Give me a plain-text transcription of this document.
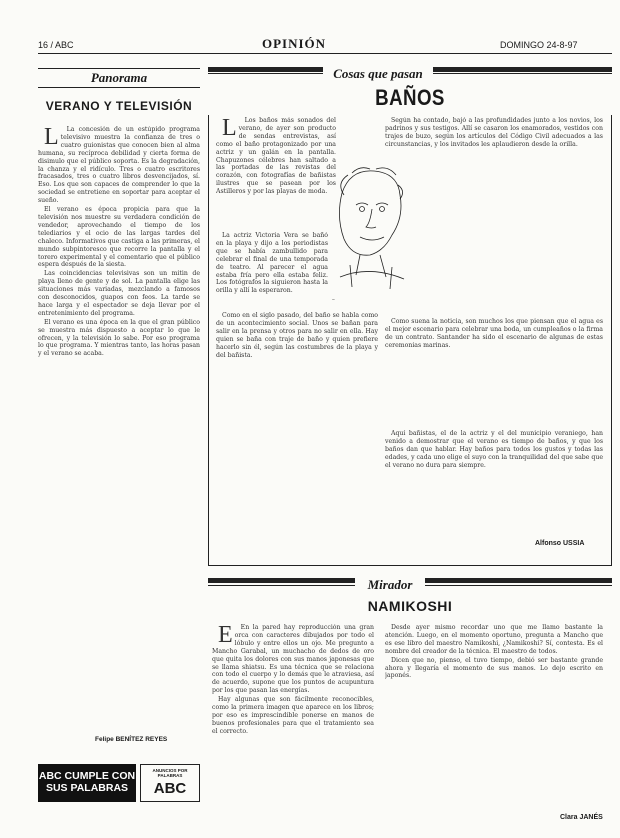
16 / ABC	OPINIÓN	DOMINGO 24-8-97
Panorama
VERANO Y TELEVISIÓN

L La concesión de un estúpido programa televisivo muestra la confianza de tres o cuatro guionistas que conocen bien al alma humana, su recíproca debilidad y cierta forma de disimulo que el público soporta. Es la degradación, la chanza y el ridículo. Tres o cuatro escritores fracasados, tres o cuatro libros desvencijados, sí. Eso. Los que son capaces de comprender lo que la sociedad se entretiene en soportar para aceptar el sueño.

El verano es época propicia para que la televisión nos muestre su verdadera condición de vendedor, aprovechando el tiempo de los telediarios y el ocio de las largas tardes del chaleco. Informativos que castiga a las primeras, el mundo subpintoresco que recorre la pantalla y el torero experimental y el comentario que el público espera después de la siesta.

Las coincidencias televisivas son un mitin de playa lleno de gente y de sol. La pantalla elige las situaciones más variadas, mezclando a famosos con desconocidos, guapos con feos. La tarde se hace larga y el espectador se deja llevar por el entretenimiento del programa.

El verano es una época en la que el gran público se muestra más dispuesto a aceptar lo que le ofrecen, y la televisión lo sabe. Por eso programa lo que programa. Y mientras tanto, las horas pasan y el verano se acaba.

Felipe BENÍTEZ REYES
ABC CUMPLE CON
SUS PALABRAS
ANUNCIOS POR PALABRAS
ABC
Cosas que pasan
BAÑOS

L Los baños más sonados del verano, de ayer son producto de sendas entrevistas, así como el baño protagonizado por una actriz y un galán en la pantalla. Chapuzones célebres han saltado a las portadas de las revistas del corazón, con fotografías de bañistas ilustres que se pasean por los Astilleros y por las playas de moda.

~

La actriz Victoria Vera se bañó en la playa y dijo a los periodistas que se había zambullido para celebrar el final de una temporada de teatro. Al parecer el agua estaba fría pero ella estaba feliz. Los fotógrafos la siguieron hasta la orilla y allí la esperaron.

Como en el siglo pasado, del baño se habla como de un acontecimiento social. Unos se bañan para salir en la prensa y otros para no salir en ella. Hay quien se baña con traje de baño y quien prefiere hacerlo sin él, según las costumbres de la playa y del bañista.

Según ha contado, bajó a las profundidades junto a los novios, los padrinos y sus testigos. Allí se casaron los enamorados, vestidos con trajes de buzo, según los artículos del Código Civil adecuados a las circunstancias, y los invitados les aplaudieron desde la orilla.

Como suena la noticia, son muchos los que piensan que el agua es el mejor escenario para celebrar una boda, un cumpleaños o la firma de un contrato. Santander ha sido el escenario de algunas de estas ceremonias marinas.

Aquí bañistas, el de la actriz y el del municipio veraniego, han venido a demostrar que el verano es tiempo de baños, y que los baños dan que hablar. Hay baños para todos los gustos y todas las edades, y cada uno elige el suyo con la tranquilidad del que sabe que el verano no dura para siempre.

Alfonso USSIA
Mirador
NAMIKOSHI

E En la pared hay reproducción una gran orca con caracteres dibujados por todo el lóbulo y entre ellos un ojo. Me pregunto a Mancho Garabal, un muchacho de dedos de oro que quita los dolores con sus manos japonesas que se llama shiatsu. Es una técnica que se relaciona con todo el cuerpo y lo demás que le atraviesa, así de acuerdo, supone que los puntos de acupuntura por los que pasan las energías.

Hay algunas que son fácilmente reconocibles, como la primera imagen que aparece en los libros; por eso es imprescindible ponerse en manos de buenos profesionales para que el tratamiento sea el correcto.

Desde ayer mismo recordar uno que me llamo bastante la atención. Luego, en el momento oportuno, pregunta a Mancho que es ese libro del maestro Namikoshi, ¿Namikoshi? Sí, contesta. Es el nombre del creador de la técnica. El maestro de todos.

Dicen que no, pienso, el tuvo tiempo, debió ser bastante grande ahora y llegaría el momento de sus manos. Lo dejo escrito en japonés.

Clara JANÉS
